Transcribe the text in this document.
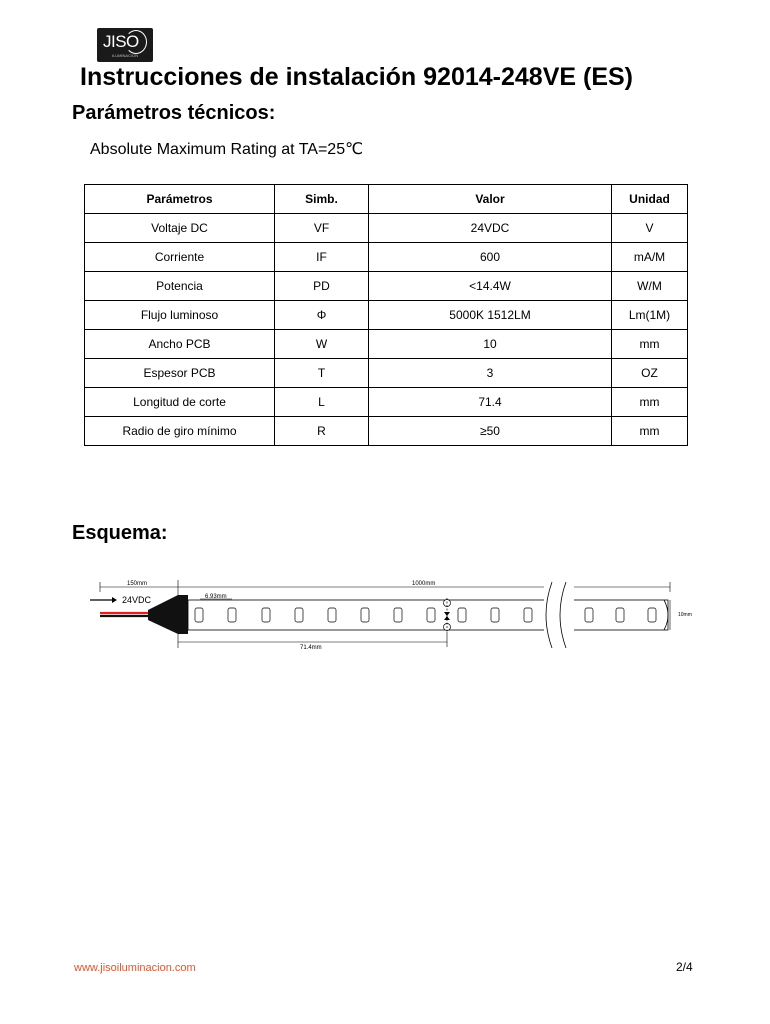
JISO
ILUMINACION
Instrucciones de instalación 92014-248VE (ES)
Parámetros técnicos:
Absolute Maximum Rating at TA=25℃
Parámetros	Simb.	Valor	Unidad
Voltaje DC	VF	24VDC	V
Corriente	IF	600	mA/M
Potencia	PD	<14.4W	W/M
Flujo luminoso	Φ	5000K 1512LM	Lm(1M)
Ancho PCB	W	10	mm
Espesor PCB	T	3	OZ
Longitud de corte	L	71.4	mm
Radio de giro mínimo	R	≥50	mm
Esquema:
150mm	1000mm
6.93mm
24VDC
10mm
71.4mm
www.jisoiluminacion.com	2/4
